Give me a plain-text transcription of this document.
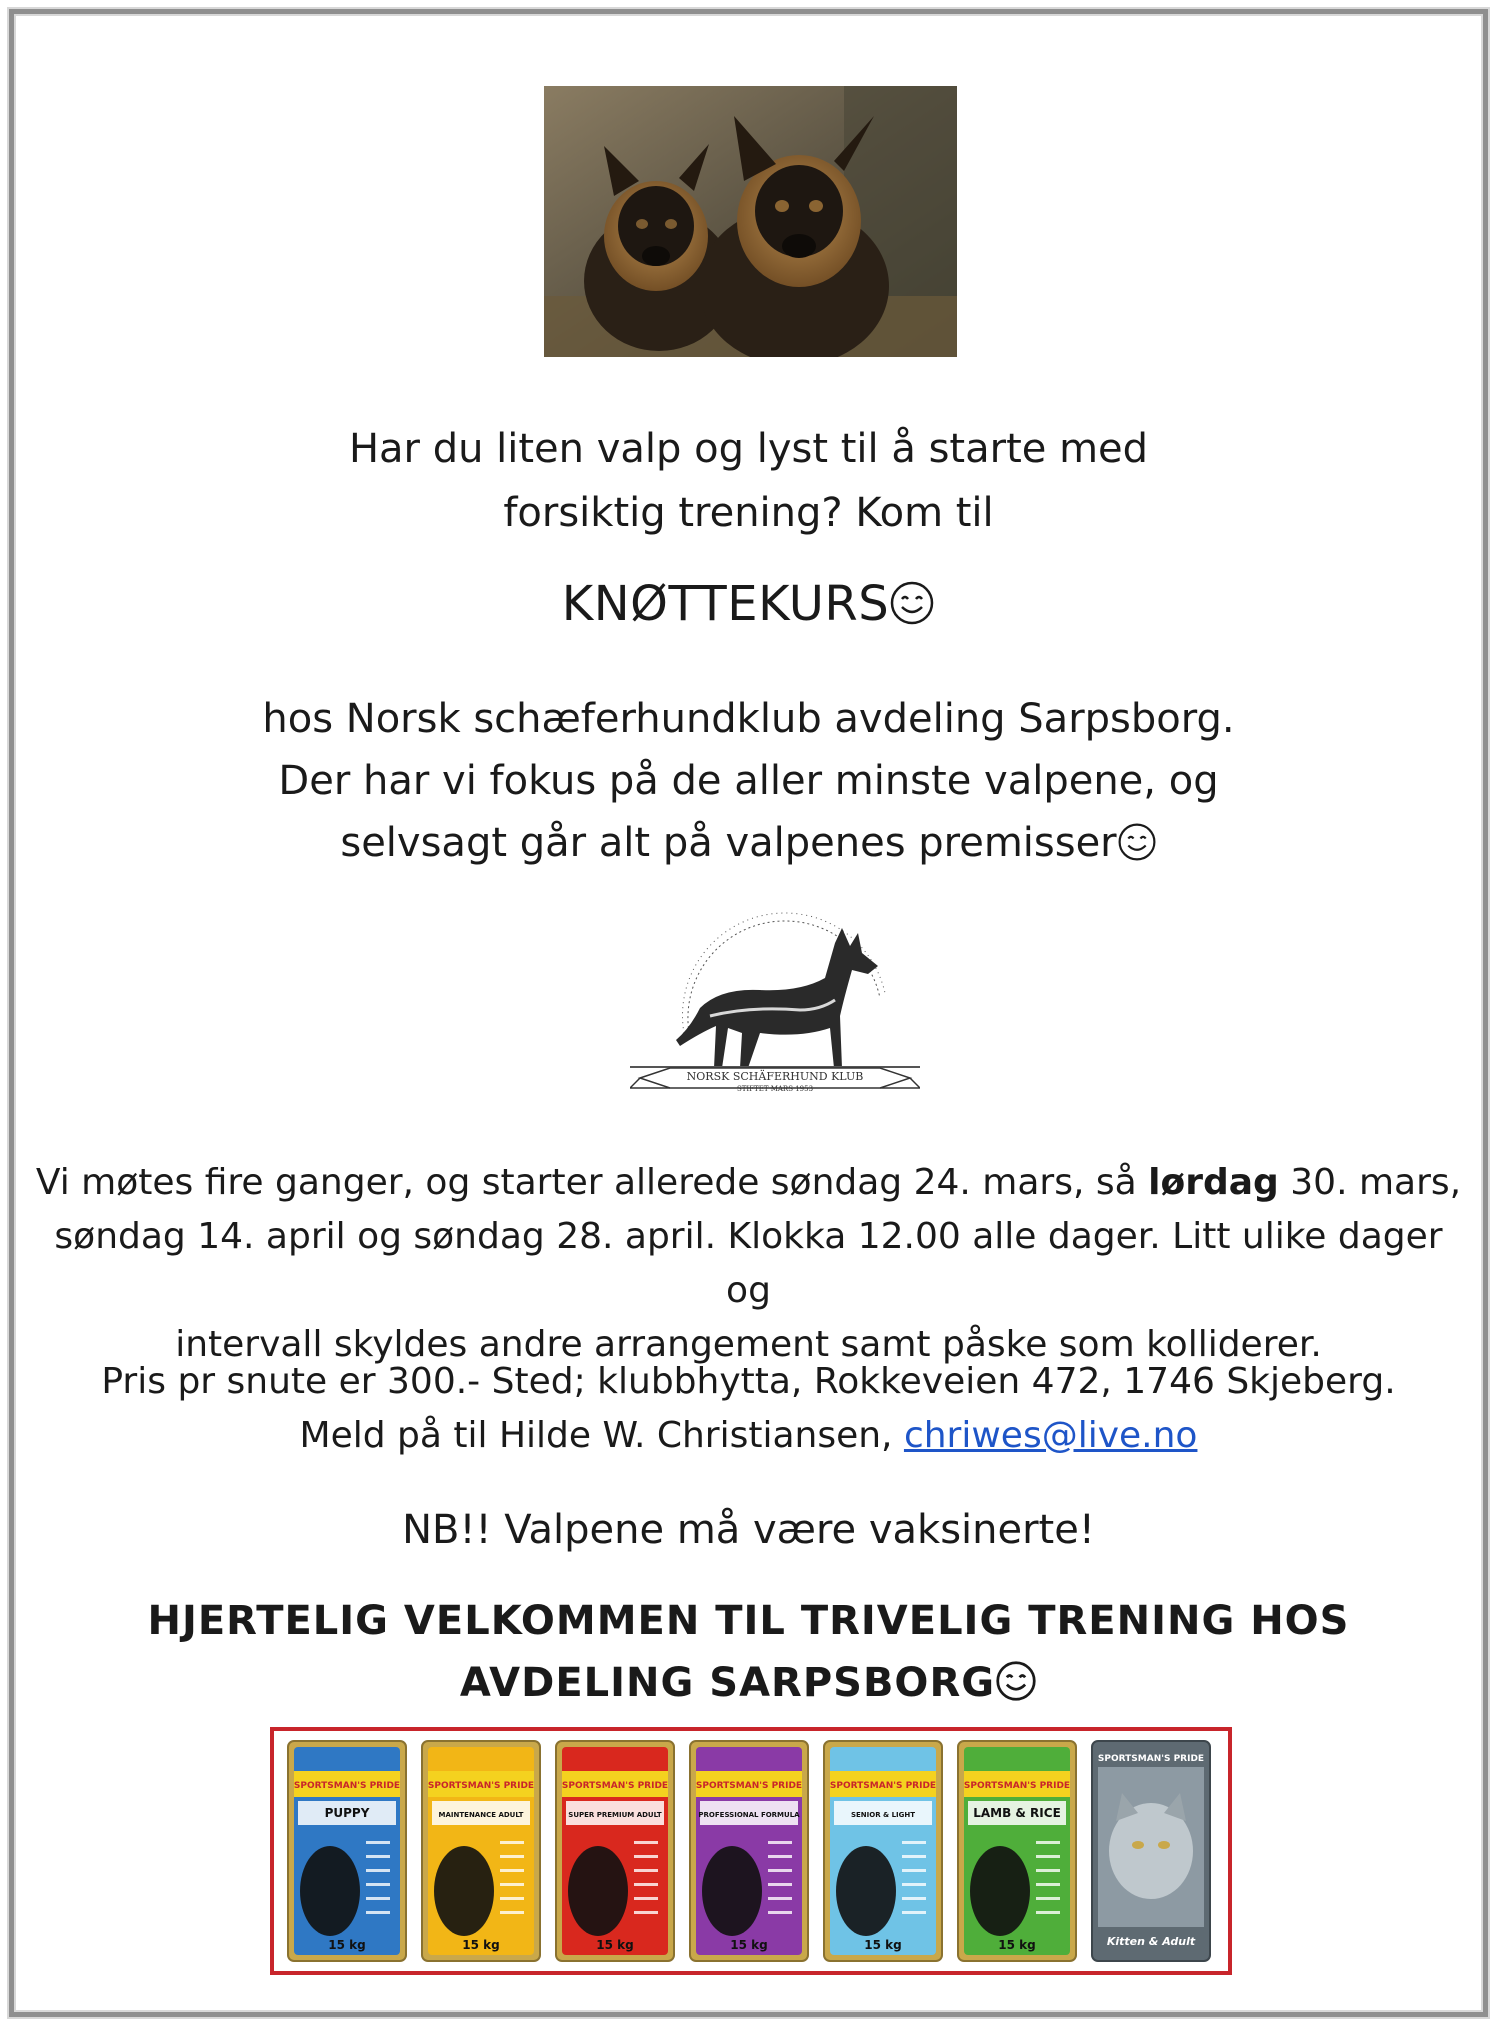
Har du liten valp og lyst til å starte med
forsiktig trening? Kom til
KNØTTEKURS
hos Norsk schæferhundklub avdeling Sarpsborg.
Der har vi fokus på de aller minste valpene, og
selvsagt går alt på valpenes premisser
NORSK SCHÄFERHUND KLUB
STIFTET MARS 1953
Vi møtes fire ganger, og starter allerede søndag 24. mars, så lørdag 30. mars,
søndag 14. april og søndag 28. april. Klokka 12.00 alle dager. Litt ulike dager og
intervall skyldes andre arrangement samt påske som kolliderer.
Pris pr snute er 300.- Sted; klubbhytta, Rokkeveien 472, 1746 Skjeberg.
Meld på til Hilde W. Christiansen, chriwes@live.no
NB!! Valpene må være vaksinerte!
HJERTELIG VELKOMMEN TIL TRIVELIG TRENING HOS
AVDELING SARPSBORG
SPORTSMAN'S PRIDE
PUPPY
15 kg
SPORTSMAN'S PRIDE
MAINTENANCE ADULT
15 kg
SPORTSMAN'S PRIDE
SUPER PREMIUM ADULT
15 kg
SPORTSMAN'S PRIDE
PROFESSIONAL FORMULA
15 kg
SPORTSMAN'S PRIDE
SENIOR & LIGHT
15 kg
SPORTSMAN'S PRIDE
LAMB & RICE
15 kg
SPORTSMAN'S PRIDE
Kitten & Adult
